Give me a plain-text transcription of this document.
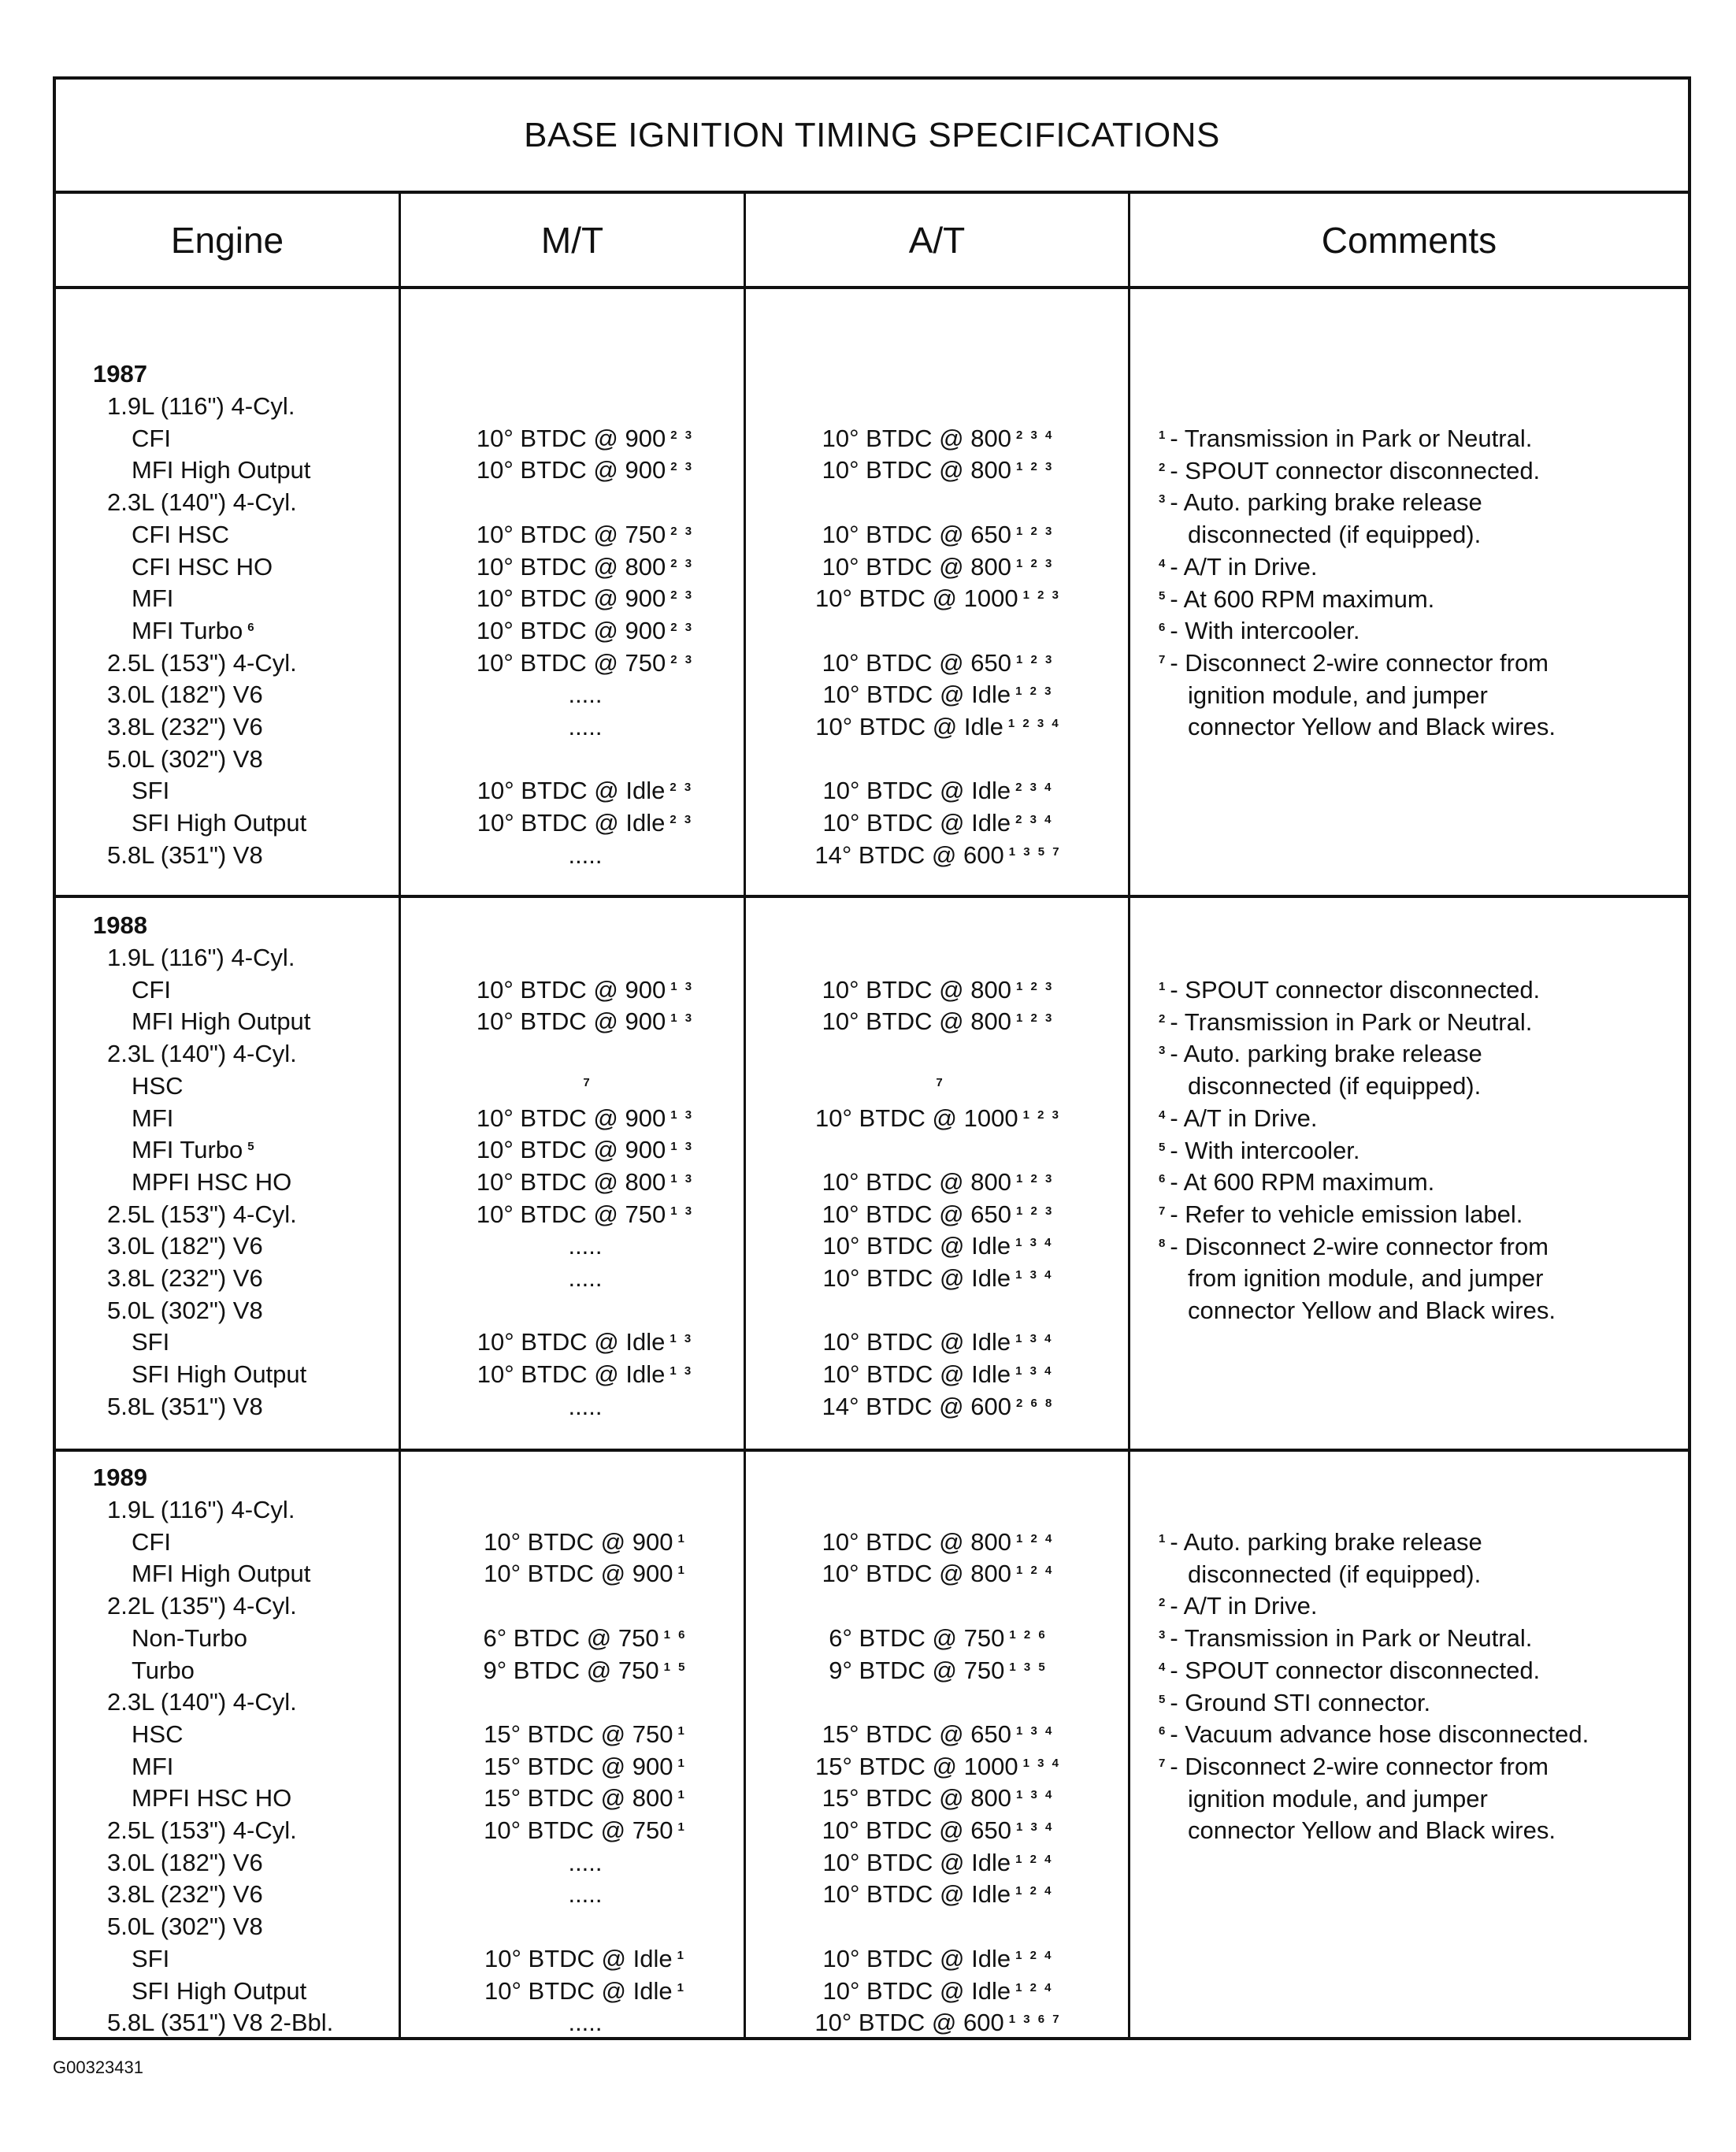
BASE IGNITION TIMING SPECIFICATIONS
Engine	M/T	A/T	Comments
1987
1.9L (116") 4-Cyl.
CFI	10° BTDC @ 900 $^{2 3}$	10° BTDC @ 800 $^{2 3 4}$
MFI High Output	10° BTDC @ 900 $^{2 3}$	10° BTDC @ 800 $^{1 2 3}$
2.3L (140") 4-Cyl.
CFI HSC	10° BTDC @ 750 $^{2 3}$	10° BTDC @ 650 $^{1 2 3}$
CFI HSC HO	10° BTDC @ 800 $^{2 3}$	10° BTDC @ 800 $^{1 2 3}$
MFI	10° BTDC @ 900 $^{2 3}$	10° BTDC @ 1000 $^{1 2 3}$
MFI Turbo $^6$	10° BTDC @ 900 $^{2 3}$
2.5L (153") 4-Cyl.	10° BTDC @ 750 $^{2 3}$	10° BTDC @ 650 $^{1 2 3}$
3.0L (182") V6	.....	10° BTDC @ Idle $^{1 2 3}$
3.8L (232") V6	.....	10° BTDC @ Idle $^{1 2 3 4}$
5.0L (302") V8
SFI	10° BTDC @ Idle $^{2 3}$	10° BTDC @ Idle $^{2 3 4}$
SFI High Output	10° BTDC @ Idle $^{2 3}$	10° BTDC @ Idle $^{2 3 4}$
5.8L (351") V8	.....	14° BTDC @ 600 $^{1 3 5 7}$
$^1$ - Transmission in Park or Neutral.
$^2$ - SPOUT connector disconnected.
$^3$ - Auto. parking brake release
disconnected (if equipped).
$^4$ - A/T in Drive.
$^5$ - At 600 RPM maximum.
$^6$ - With intercooler.
$^7$ - Disconnect 2-wire connector from
ignition module, and jumper
connector Yellow and Black wires.
1988
1.9L (116") 4-Cyl.
CFI	10° BTDC @ 900 $^{1 3}$	10° BTDC @ 800 $^{1 2 3}$
MFI High Output	10° BTDC @ 900 $^{1 3}$	10° BTDC @ 800 $^{1 2 3}$
2.3L (140") 4-Cyl.
HSC	$^7$	$^7$
MFI	10° BTDC @ 900 $^{1 3}$	10° BTDC @ 1000 $^{1 2 3}$
MFI Turbo $^5$	10° BTDC @ 900 $^{1 3}$
MPFI HSC HO	10° BTDC @ 800 $^{1 3}$	10° BTDC @ 800 $^{1 2 3}$
2.5L (153") 4-Cyl.	10° BTDC @ 750 $^{1 3}$	10° BTDC @ 650 $^{1 2 3}$
3.0L (182") V6	.....	10° BTDC @ Idle $^{1 3 4}$
3.8L (232") V6	.....	10° BTDC @ Idle $^{1 3 4}$
5.0L (302") V8
SFI	10° BTDC @ Idle $^{1 3}$	10° BTDC @ Idle $^{1 3 4}$
SFI High Output	10° BTDC @ Idle $^{1 3}$	10° BTDC @ Idle $^{1 3 4}$
5.8L (351") V8	.....	14° BTDC @ 600 $^{2 6 8}$
$^1$ - SPOUT connector disconnected.
$^2$ - Transmission in Park or Neutral.
$^3$ - Auto. parking brake release
disconnected (if equipped).
$^4$ - A/T in Drive.
$^5$ - With intercooler.
$^6$ - At 600 RPM maximum.
$^7$ - Refer to vehicle emission label.
$^8$ - Disconnect 2-wire connector from
from ignition module, and jumper
connector Yellow and Black wires.
1989
1.9L (116") 4-Cyl.
CFI	10° BTDC @ 900 $^1$	10° BTDC @ 800 $^{1 2 4}$
MFI High Output	10° BTDC @ 900 $^1$	10° BTDC @ 800 $^{1 2 4}$
2.2L (135") 4-Cyl.
Non-Turbo	6° BTDC @ 750 $^{1 6}$	6° BTDC @ 750 $^{1 2 6}$
Turbo	9° BTDC @ 750 $^{1 5}$	9° BTDC @ 750 $^{1 3 5}$
2.3L (140") 4-Cyl.
HSC	15° BTDC @ 750 $^1$	15° BTDC @ 650 $^{1 3 4}$
MFI	15° BTDC @ 900 $^1$	15° BTDC @ 1000 $^{1 3 4}$
MPFI HSC HO	15° BTDC @ 800 $^1$	15° BTDC @ 800 $^{1 3 4}$
2.5L (153") 4-Cyl.	10° BTDC @ 750 $^1$	10° BTDC @ 650 $^{1 3 4}$
3.0L (182") V6	.....	10° BTDC @ Idle $^{1 2 4}$
3.8L (232") V6	.....	10° BTDC @ Idle $^{1 2 4}$
5.0L (302") V8
SFI	10° BTDC @ Idle $^1$	10° BTDC @ Idle $^{1 2 4}$
SFI High Output	10° BTDC @ Idle $^1$	10° BTDC @ Idle $^{1 2 4}$
5.8L (351") V8 2-Bbl.	.....	10° BTDC @ 600 $^{1 3 6 7}$
$^1$ - Auto. parking brake release
disconnected (if equipped).
$^2$ - A/T in Drive.
$^3$ - Transmission in Park or Neutral.
$^4$ - SPOUT connector disconnected.
$^5$ - Ground STI connector.
$^6$ - Vacuum advance hose disconnected.
$^7$ - Disconnect 2-wire connector from
ignition module, and jumper
connector Yellow and Black wires.
G00323431
